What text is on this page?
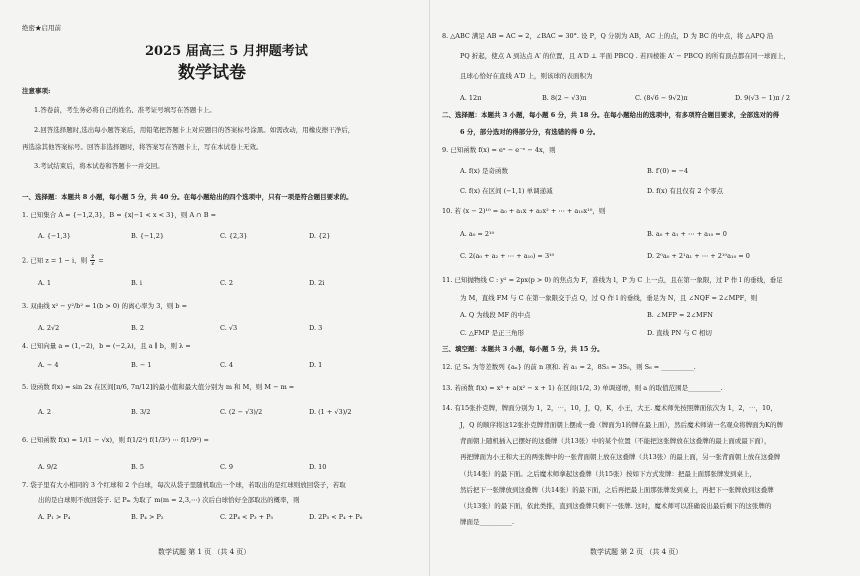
绝密★启用前
2025 届高三 5 月押题考试
数学试卷
注意事项:
1.答卷前，考生务必将自己的姓名、准考证号填写在答题卡上。
2.回答选择题时,选出每小题答案后，用铅笔把答题卡上对应题目的答案标号涂黑。如需改动，用橡皮擦干净后，
再选涂其他答案标号。回答非选择题时，将答案写在答题卡上，写在本试卷上无效。
3.考试结束后，将本试卷和答题卡一并交回。
一、选择题：本题共 8 小题，每小题 5 分，共 40 分。在每小题给出的四个选项中，只有一项是符合题目要求的。
1. 已知集合 A = {−1,2,3}，B = {x|−1 < x < 3}，则 A ∩ B =
A. {−1,3}	B. {−1,2}	C. {2,3}	D. {2}
2. 已知 z = 1 − i，则 $\frac{z̄}{z}$ =
A. 1	B. i	C. 2	D. 2i
3. 双曲线 x² − y²/b² = 1(b > 0) 的离心率为 3，则 b =
A. 2√2	B. 2	C. √3	D. 3
4. 已知向量 a = (1,−2)，b = (−2,λ)，且 a ∥ b，则 λ =
A. − 4	B. − 1	C. 4	D. 1
5. 设函数 f(x) = sin 2x 在区间[π/6, 7π/12]的最小值和最大值分别为 m 和 M，则 M − m =
A. 2	B. 3/2	C. (2 − √3)/2	D. (1 + √3)/2
6. 已知函数 f(x) = 1/(1 − √x)，则 f(1/2²) f(1/3²) ⋯ f(1/9²) =
A. 9/2	B. 5	C. 9	D. 10
7. 袋子里有大小相同的 3 个红球和 2 个白球，每次从袋子里随机取出一个球，若取出的是红球则放回袋子，若取
出的是白球则不放回袋子. 记 Pₘ 为取了 m(m = 2,3,⋯) 次后白球恰好全部取出的概率，则
A. P₁ > P₄	B. P₄ > P₂	C. 2P₄ < P₃ + P₅	D. 2P₅ < P₄ + P₆
数学试题 第 1 页 （共 4 页）
8. △ABC 满足 AB = AC = 2，∠BAC = 30°. 设 P，Q 分别为 AB，AC 上的点，D 为 BC 的中点，将 △APQ 沿
PQ 折起，使点 A 到达点 A′ 的位置，且 A′D ⊥ 平面 PBCQ . 若四棱锥 A′ − PBCQ 的所有顶点都在同一球面上，
且球心恰好在直线 A′D 上，则该球的表面积为
A. 12π	B. 8(2 − √3)π	C. (8√6 − 9√2)π	D. 9(√3 − 1)π / 2
二、选择题：本题共 3 小题，每小题 6 分，共 18 分。在每小题给出的选项中，有多项符合题目要求，全部选对的得
6 分，部分选对的得部分分，有选错的得 0 分。
9. 已知函数 f(x) = eˣ − e⁻ˣ − 4x，则
A. f(x) 是奇函数	B. f′(0) = −4
C. f(x) 在区间 (−1,1) 单调递减	D. f(x) 有且仅有 2 个零点
10. 若 (x − 2)¹⁰ = a₀ + a₁x + a₂x² + ⋯ + a₁₀x¹⁰，则
A. a₀ = 2¹⁰	B. a₀ + a₁ + ⋯ + a₁₀ = 0
C. 2(a₀ + a₂ + ⋯ + a₁₀) = 3¹⁰	D. 2⁰a₀ + 2¹a₁ + ⋯ + 2¹⁰a₁₀ = 0
11. 已知抛物线 C : y² = 2px(p > 0) 的焦点为 F，准线为 l，P 为 C 上一点，且在第一象限，过 P 作 l 的垂线，垂足
为 M，直线 FM 与 C 在第一象限交于点 Q，过 Q 作 l 的垂线，垂足为 N，且 ∠NQF = 2∠MPF，则
A. Q 为线段 MF 的中点	B. ∠MFP = 2∠MFN
C. △FMP 是正三角形	D. 直线 PN 与 C 相切
三、填空题：本题共 3 小题，每小题 5 分，共 15 分。
12. 记 Sₙ 为等差数列 {aₙ} 的前 n 项和. 若 a₁ = 2，8S₃ = 3S₅，则 S₆ = __________.
13. 若函数 f(x) = x³ + a(x² − x + 1) 在区间(1/2, 3) 单调递增，则 a 的取值范围是__________.
14. 有15张扑克牌，牌面分别为 1，2，⋯，10，J，Q，K，小王，大王. 魔术师先按照牌面依次为 1，2，⋯，10，
J，Q 的顺序将这12张扑克牌背面朝上摆成一叠（牌面为1的牌在最上面），然后魔术师请一名观众将牌面为K的牌
背面朝上随机插入已摆好的这叠牌（共13张）中的某个位置（不能把这张牌放在这叠牌的最上面或最下面），
再把牌面为小王和大王的两张牌中的一张背面朝上放在这叠牌（共13张）的最上面，另一张背面朝上放在这叠牌
（共14张）的最下面。之后魔术师拿起这叠牌（共15张）按如下方式发牌：把最上面那张牌发到桌上，
然后把下一张牌放到这叠牌（共14张）的最下面，之后再把最上面那张牌发到桌上，再把下一张牌放到这叠牌
（共13张）的最下面，依此类推，直到这叠牌只剩下一张牌. 这时，魔术师可以准确说出最后剩下的这张牌的
牌面是__________.
数学试题 第 2 页 （共 4 页）
